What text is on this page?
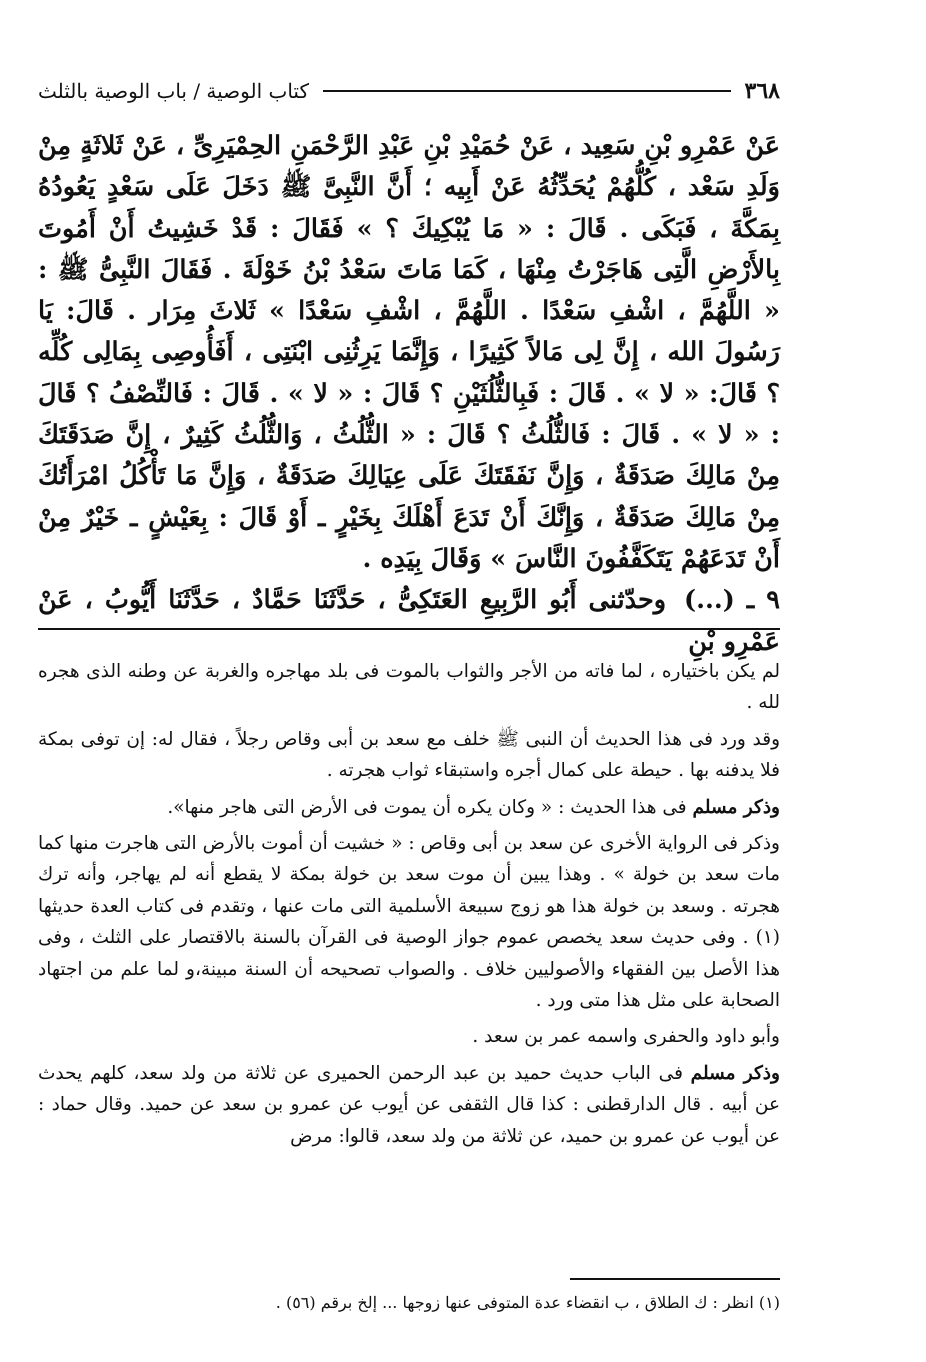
٣٦٨
كتاب الوصية / باب الوصية بالثلث

عَنْ عَمْرِو بْنِ سَعِيد ، عَنْ حُمَيْدِ بْنِ عَبْدِ الرَّحْمَنِ الحِمْيَرِىِّ ، عَنْ ثَلاثَةٍ مِنْ وَلَدِ سَعْد ، كُلُّهُمْ يُحَدِّثُهُ عَنْ أَبِيه ؛ أَنَّ النَّبِىَّ ﷺ دَخَلَ عَلَى سَعْدٍ يَعُودُهُ بِمَكَّةَ ، فَبَكَى . قَالَ : « مَا يُبْكِيكَ ؟ » فَقَالَ : قَدْ خَشِيتُ أَنْ أَمُوتَ بِالأَرْضِ الَّتِى هَاجَرْتُ مِنْهَا ، كَمَا مَاتَ سَعْدُ بْنُ خَوْلَةَ . فَقَالَ النَّبِىُّ ﷺ : « اللَّهُمَّ ، اشْفِ سَعْدًا . اللَّهُمَّ ، اشْفِ سَعْدًا » ثَلاثَ مِرَار . قَالَ: يَا رَسُولَ الله ، إِنَّ لِى مَالاً كَثِيرًا ، وَإِنَّمَا يَرِثُنِى ابْنَتِى ، أَفَأُوصِى بِمَالِى كُلِّه ؟ قَالَ: « لا » . قَالَ : فَبِالثُّلُثَيْنِ ؟ قَالَ : « لا » . قَالَ : فَالنِّصْفُ ؟ قَالَ : « لا » . قَالَ : فَالثُّلُثُ ؟ قَالَ : « الثُّلُثُ ، وَالثُّلُثُ كَثِيرٌ ، إِنَّ صَدَقَتَكَ مِنْ مَالِكَ صَدَقَةٌ ، وَإِنَّ نَفَقَتَكَ عَلَى عِيَالِكَ صَدَقَةٌ ، وَإِنَّ مَا تَأْكُلُ امْرَأَتُكَ مِنْ مَالِكَ صَدَقَةٌ ، وَإِنَّكَ أَنْ تَدَعَ أَهْلَكَ بِخَيْرٍ ـ أَوْ قَالَ : بِعَيْشٍ ـ خَيْرٌ مِنْ أَنْ تَدَعَهُمْ يَتَكَفَّفُونَ النَّاسَ » وَقَالَ بِيَدِه .

٩ ـ (...) وحدّثنى أَبُو الرَّبِيعِ العَتَكِىُّ ، حَدَّثَنَا حَمَّادٌ ، حَدَّثَنَا أَيُّوبُ ، عَنْ عَمْرِو بْنِ

لم يكن باختياره ، لما فاته من الأجر والثواب بالموت فى بلد مهاجره والغربة عن وطنه الذى هجره لله .

وقد ورد فى هذا الحديث أن النبى ﷺ خلف مع سعد بن أبى وقاص رجلاً ، فقال له: إن توفى بمكة فلا يدفنه بها . حيطة على كمال أجره واستبقاء ثواب هجرته .

وذكر مسلم فى هذا الحديث : « وكان يكره أن يموت فى الأرض التى هاجر منها».

وذكر فى الرواية الأخرى عن سعد بن أبى وقاص : « خشيت أن أموت بالأرض التى هاجرت منها كما مات سعد بن خولة » . وهذا يبين أن موت سعد بن خولة بمكة لا يقطع أنه لم يهاجر، وأنه ترك هجرته . وسعد بن خولة هذا هو زوج سبيعة الأسلمية التى مات عنها ، وتقدم فى كتاب العدة حديثها (١) . وفى حديث سعد يخصص عموم جواز الوصية فى القرآن بالسنة بالاقتصار على الثلث ، وفى هذا الأصل بين الفقهاء والأصوليين خلاف . والصواب تصحيحه أن السنة مبينة،و لما علم من اجتهاد الصحابة على مثل هذا متى ورد .

وأبو داود والحفرى واسمه عمر بن سعد .

وذكر مسلم فى الباب حديث حميد بن عبد الرحمن الحميرى عن ثلاثة من ولد سعد، كلهم يحدث عن أبيه . قال الدارقطنى : كذا قال الثقفى عن أيوب عن عمرو بن سعد عن حميد. وقال حماد : عن أيوب عن عمرو بن حميد، عن ثلاثة من ولد سعد، قالوا: مرض

(١) انظر : ك الطلاق ، ب انقضاء عدة المتوفى عنها زوجها ... إلخ برقم (٥٦) .
